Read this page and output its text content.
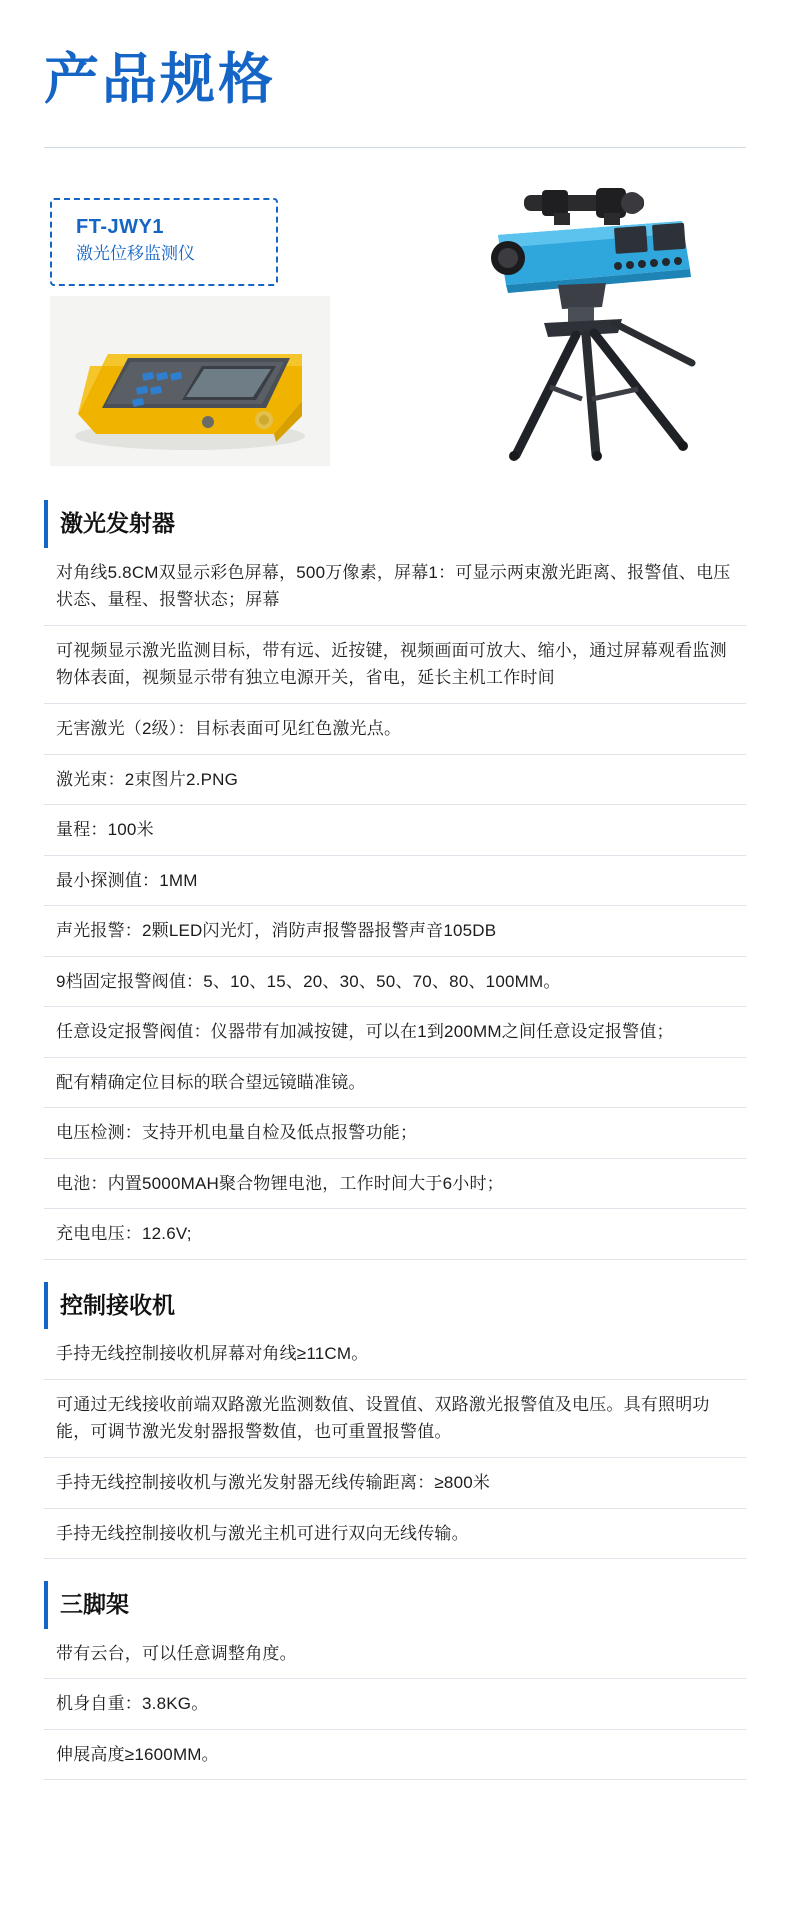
产品规格
FT-JWY1
激光位移监测仪
激光发射器
对角线5.8CM双显示彩色屏幕，500万像素，屏幕1：可显示两束激光距离、报警值、电压状态、量程、报警状态；屏幕
可视频显示激光监测目标，带有远、近按键，视频画面可放大、缩小，通过屏幕观看监测物体表面，视频显示带有独立电源开关，省电，延长主机工作时间
无害激光（2级）：目标表面可见红色激光点。
激光束：2束图片2.PNG
量程：100米
最小探测值：1MM
声光报警：2颗LED闪光灯，消防声报警器报警声音105DB
9档固定报警阀值：5、10、15、20、30、50、70、80、100MM。
任意设定报警阀值：仪器带有加减按键，可以在1到200MM之间任意设定报警值；
配有精确定位目标的联合望远镜瞄准镜。
电压检测：支持开机电量自检及低点报警功能；
电池：内置5000MAH聚合物锂电池，工作时间大于6小时；
充电电压：12.6V;
控制接收机
手持无线控制接收机屏幕对角线≥11CM。
可通过无线接收前端双路激光监测数值、设置值、双路激光报警值及电压。具有照明功能，可调节激光发射器报警数值，也可重置报警值。
手持无线控制接收机与激光发射器无线传输距离：≥800米
手持无线控制接收机与激光主机可进行双向无线传输。
三脚架
带有云台，可以任意调整角度。
机身自重：3.8KG。
伸展高度≥1600MM。
